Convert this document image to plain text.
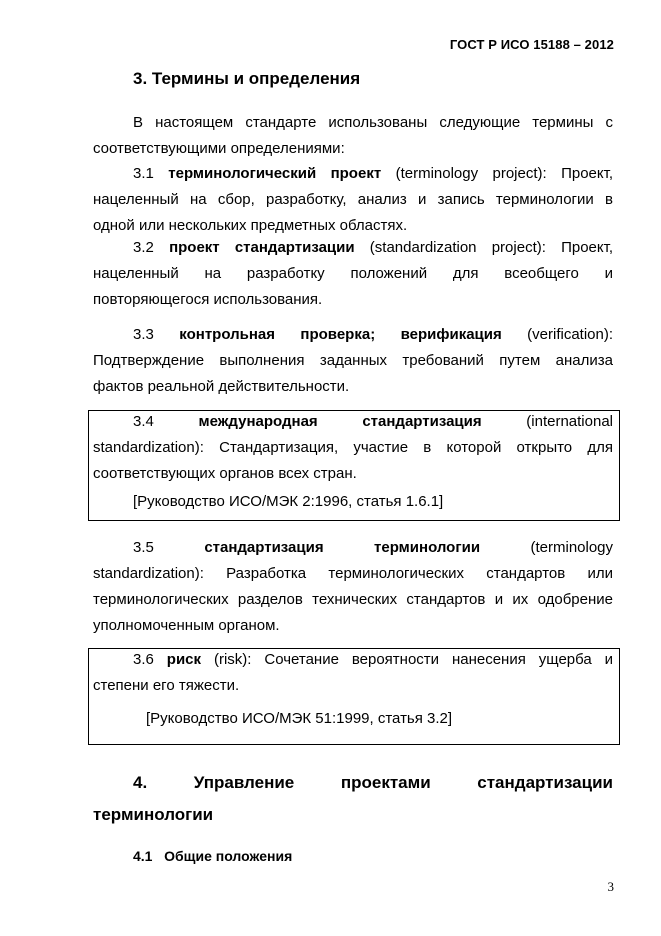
ГОСТ Р ИСО 15188 – 2012
3. Термины и определения
В настоящем стандарте использованы следующие термины с
соответствующими определениями:
3.1 терминологический проект (terminology project): Проект,
нацеленный на сбор, разработку, анализ и запись терминологии в
одной или нескольких предметных областях.
3.2 проект стандартизации (standardization project): Проект,
нацеленный на разработку положений для всеобщего и
повторяющегося использования.
3.3 контрольная проверка; верификация (verification):
Подтверждение выполнения заданных требований путем анализа
фактов реальной действительности.
3.4	международная стандартизация	(international
standardization): Стандартизация, участие в которой открыто для
соответствующих органов всех стран.
[Руководство ИСО/МЭК 2:1996, статья 1.6.1]
3.5	стандартизация терминологии	(terminology
standardization): Разработка терминологических стандартов или
терминологических разделов технических стандартов и их одобрение
уполномоченным органом.
3.6 риск (risk): Сочетание вероятности нанесения ущерба и
степени его тяжести.
[Руководство ИСО/МЭК 51:1999, статья 3.2]
4. Управление проектами стандартизации
терминологии
4.1   Общие положения
3
